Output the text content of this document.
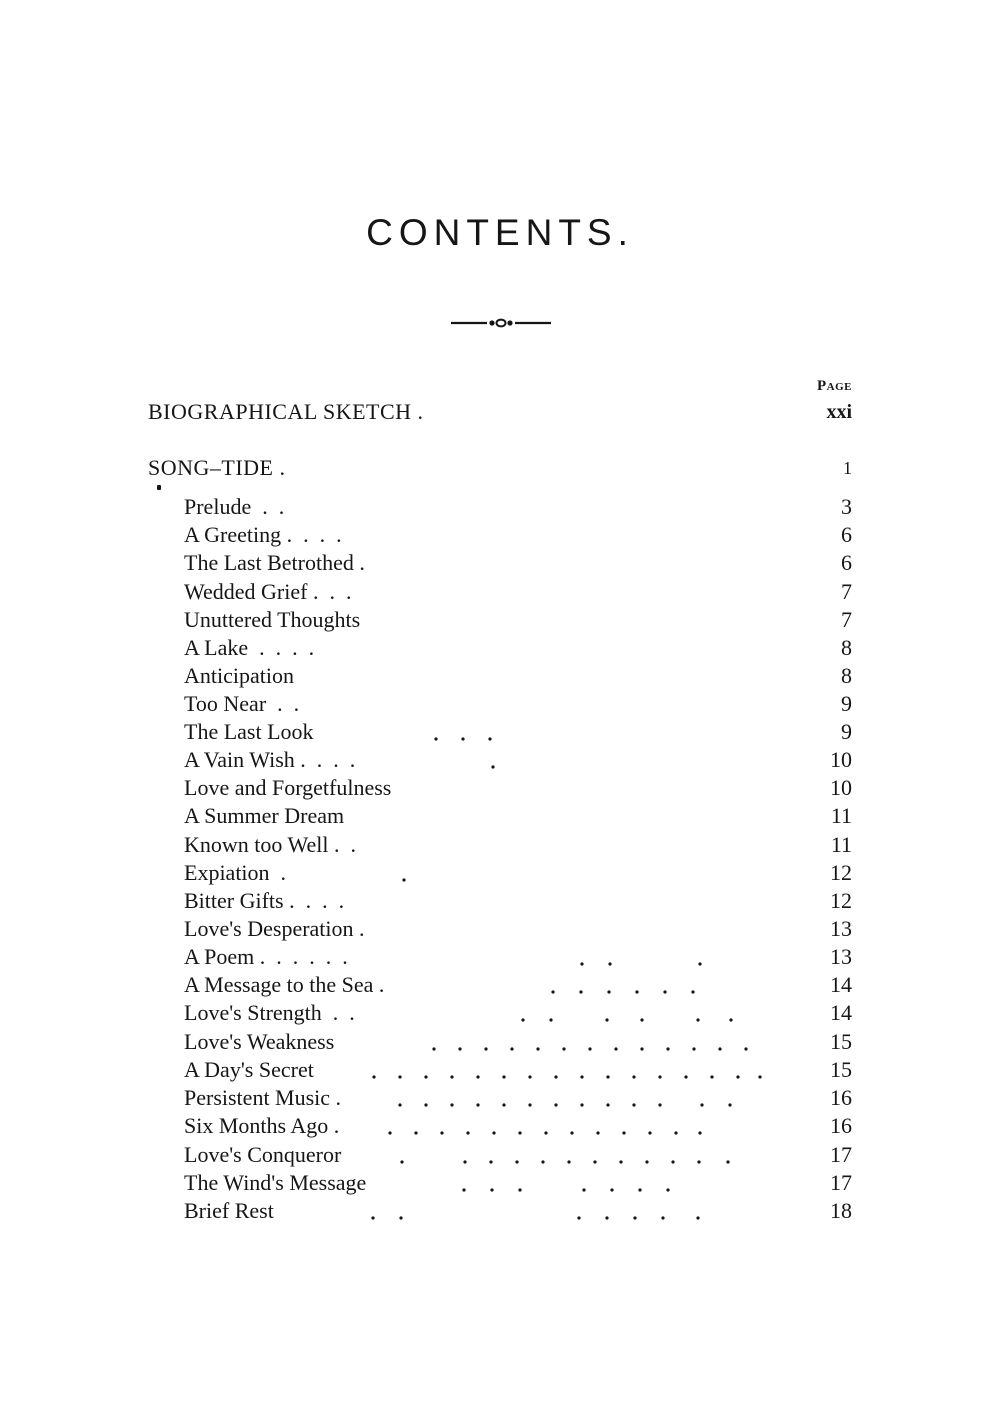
CONTENTS.
Page
BIOGRAPHICAL SKETCH .	xxi
SONG–TIDE .	1
Prelude  .  .	3
A Greeting .  .  .  .	6
The Last Betrothed .	6
Wedded Grief .  .  .	7
Unuttered Thoughts	7
A Lake  .  .  .  .	8
Anticipation	8
Too Near  .  .	9
The Last Look	9
A Vain Wish .  .  .  .	10
Love and Forgetfulness	10
A Summer Dream	11
Known too Well .  .	11
Expiation  .	12
Bitter Gifts .  .  .  .	12
Love's Desperation .	13
A Poem .  .  .  .  .  .	13
A Message to the Sea .	14
Love's Strength  .  .	14
Love's Weakness	15
A Day's Secret	15
Persistent Music .	16
Six Months Ago .	16
Love's Conqueror	17
The Wind's Message	17
Brief Rest	18
